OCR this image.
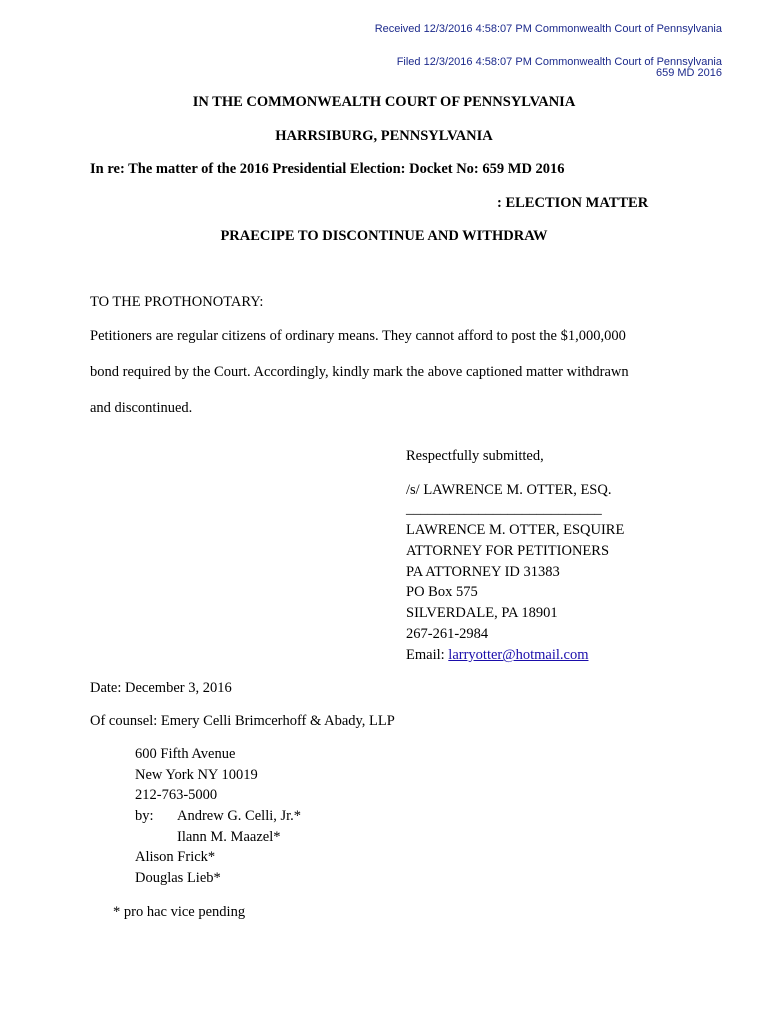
Received 12/3/2016 4:58:07 PM Commonwealth Court of Pennsylvania
Filed 12/3/2016 4:58:07 PM Commonwealth Court of Pennsylvania
659 MD 2016
IN THE COMMONWEALTH COURT OF PENNSYLVANIA
HARRSIBURG, PENNSYLVANIA
In re: The matter of the 2016 Presidential Election: Docket No: 659 MD 2016
: ELECTION MATTER
PRAECIPE TO DISCONTINUE AND WITHDRAW
TO THE PROTHONOTARY:
Petitioners are regular citizens of ordinary means. They cannot afford to post the $1,000,000
bond required by the Court. Accordingly, kindly mark the above captioned matter withdrawn
and discontinued.
Respectfully submitted,
/s/ LAWRENCE M. OTTER, ESQ.
___________________________
LAWRENCE M. OTTER, ESQUIRE
ATTORNEY FOR PETITIONERS
PA ATTORNEY ID 31383
PO Box 575
SILVERDALE, PA 18901
267-261-2984
Email: larryotter@hotmail.com
Date: December 3, 2016
Of counsel: Emery Celli Brimcerhoff & Abady, LLP
600 Fifth Avenue
New York NY 10019
212-763-5000
by: Andrew G. Celli, Jr.*
Ilann M. Maazel*
Alison Frick*
Douglas Lieb*
* pro hac vice pending
